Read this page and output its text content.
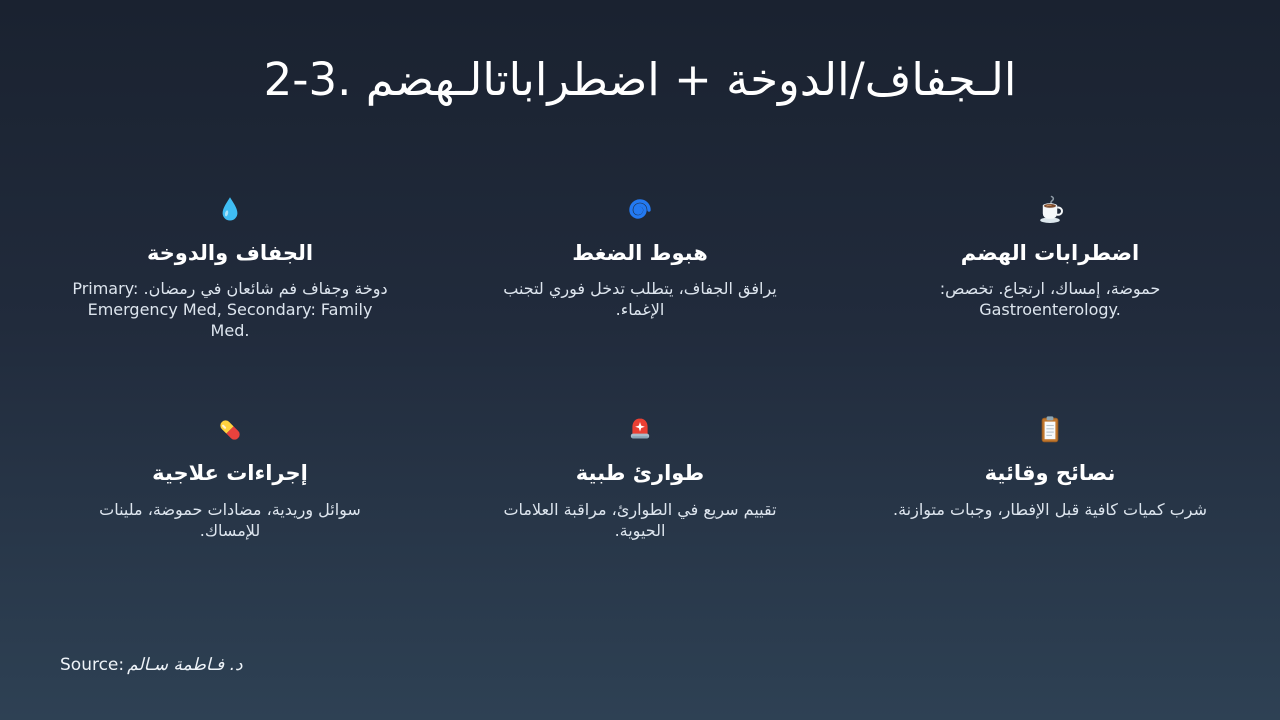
2-3. الـجفاف/الدوخة + اضطراباتالـهضم
الجفاف والدوخة

دوخة وجفاف فم شائعان في رمضان. Primary: Emergency Med, Secondary: Family Med.

هبوط الضغط

يرافق الجفاف، يتطلب تدخل فوري لتجنب الإغماء.

اضطرابات الهضم

حموضة، إمساك، ارتجاع. تخصص: Gastroenterology.

إجراءات علاجية

سوائل وريدية، مضادات حموضة، ملينات للإمساك.

طوارئ طبية

تقييم سريع في الطوارئ، مراقبة العلامات الحيوية.

نصائح وقائية

شرب كميات كافية قبل الإفطار، وجبات متوازنة.

Source: د. فـاطمة سـالم
